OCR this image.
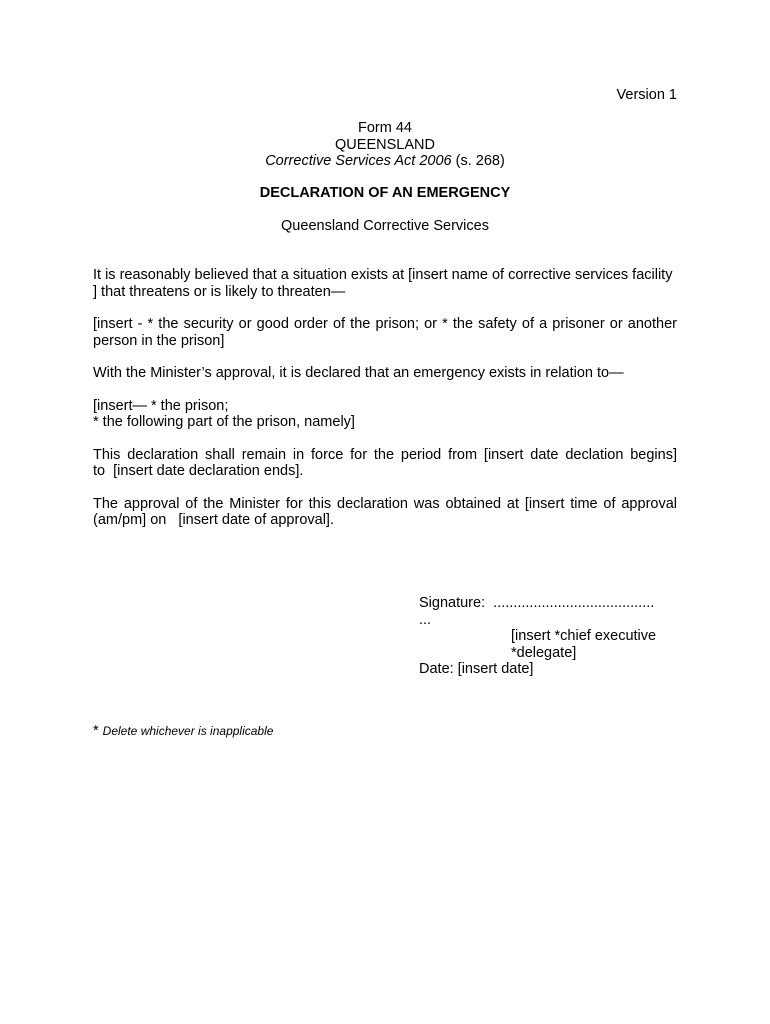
Version 1
Form 44
QUEENSLAND
Corrective Services Act 2006 (s. 268)
DECLARATION OF AN EMERGENCY
Queensland Corrective Services

It is reasonably believed that a situation exists at [insert name of corrective services facility ] that threatens or is likely to threaten—

[insert - * the security or good order of the prison; or * the safety of a prisoner or another person in the prison]

With the Minister’s approval, it is declared that an emergency exists in relation to—

[insert— * the prison;
* the following part of the prison, namely]

This declaration shall remain in force for the period from [insert date declation begins] to  [insert date declaration ends].

The approval of the Minister for this declaration was obtained at [insert time of approval (am/pm] on   [insert date of approval].

Signature:  ........................................
...
[insert *chief executive
*delegate]
Date: [insert date]
* Delete whichever is inapplicable
